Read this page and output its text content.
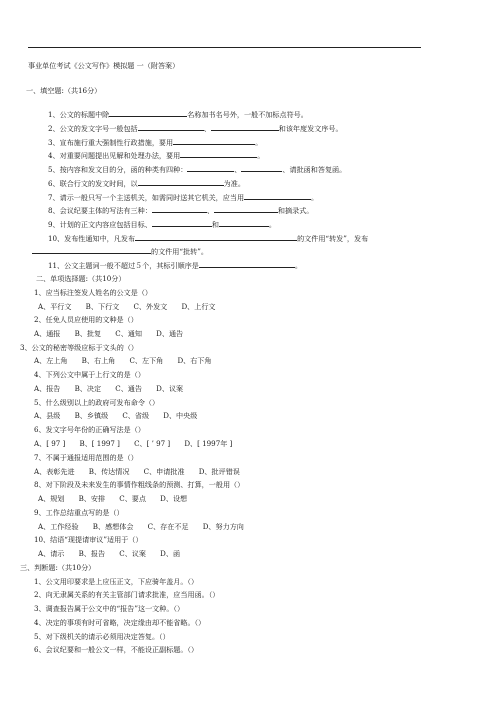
事业单位考试《公文写作》模拟题 一（附答案）
一、填空题:（共16分）
1、公文的标题中除	名称加书名号外，一般不加标点符号。
2、公文的发文字号一般包括	、	和该年度发文序号。
3、宣布施行重大强制性行政措施，要用	。
4、对重要问题提出见解和处理办法，要用	。
5、按内容和发文目的分，函的种类有四种：	、	、请批函和答复函。
6、联合行文的发文时间，以	为准。
7、请示一般只写一个主送机关，如需同时送其它机关，应当用	。
8、会议纪要主体的写法有三种：	、	和摘录式。
9、计划的正文内容应包括目标、	和	。
10、发布性通知中，凡发布	的文件用“转发”，发布
的文件用“批转”。
11、公文主题词一般不超过５个，其标引顺序是	。
二、单项选择题:（共10分）
1、应当标注签发人姓名的公文是（）
A、平行文　　B、下行文　　C、外发文　　D、上行文
2、任免人员应使用的文种是（）
A、通报　　B、批复　　C、通知　　D、通告
3、公文的秘密等级应标于文头的（）
A、左上角　　B、右上角　　C、左下角　　D、右下角
4、下列公文中属于上行文的是（）
A、报告　　B、决定　　C、通告　　D、议案
5、什么级别以上的政府可发布命令（）
A、县级　　B、乡镇级　　C、省级　　D、中央级
6、发文字号年份的正确写法是（）
A、[ 97 ]　　B、[ 1997 ]　　C、[ ’ 97 ]　　D、[ 1997年 ]
7、不属于通报适用范围的是（）
A、表彰先进　　B、传达情况　　C、申请批准　　D、批评错误
8、对下阶段及未来发生的事情作粗线条的预测、打算，一般用（）
A、规划　　B、安排　　C、要点　　D、设想
9、工作总结重点写的是（）
A、工作经验　　B、感想体会　　C、存在不足　　D、努力方向
10、结语“现提请审议”适用于（）
A、请示　　B、报告　　C、议案　　D、函
三、判断题:（共10分）
1、公文用印要求是上应压正文，下应骑年盖月。（）
2、向无隶属关系的有关主管部门请求批准，应当用函。（）
3、调查报告属于公文中的“报告”这一文种。（）
4、决定的事项有时可省略，决定缘由却不能省略。（）
5、对下级机关的请示必须用决定答复。（）
6、会议纪要和一般公文一样，不能设正副标题。（）
